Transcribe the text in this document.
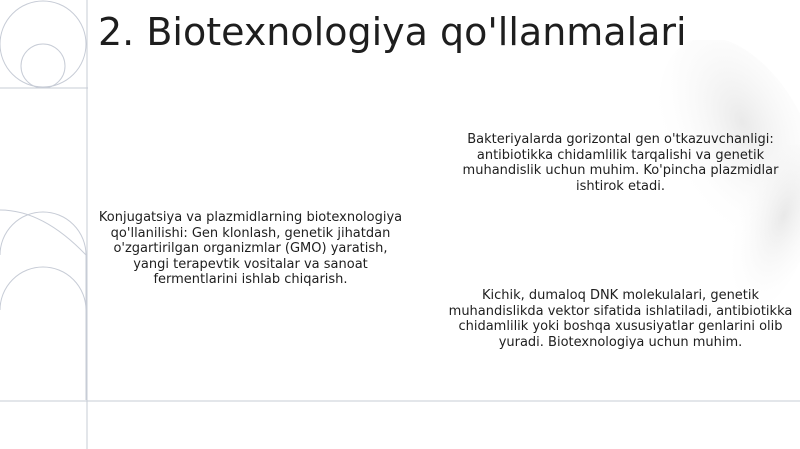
2. Biotexnologiya qo'llanmalari

Konjugatsiya va plazmidlarning biotexnologiya qo'llanilishi: Gen klonlash, genetik jihatdan o'zgartirilgan organizmlar (GMO) yaratish, yangi terapevtik vositalar va sanoat fermentlarini ishlab chiqarish.

Bakteriyalarda gorizontal gen o'tkazuvchanligi: antibiotikka chidamlilik tarqalishi va genetik muhandislik uchun muhim. Ko'pincha plazmidlar ishtirok etadi.

Kichik, dumaloq DNK molekulalari, genetik muhandislikda vektor sifatida ishlatiladi, antibiotikka chidamlilik yoki boshqa xususiyatlar genlarini olib yuradi. Biotexnologiya uchun muhim.
